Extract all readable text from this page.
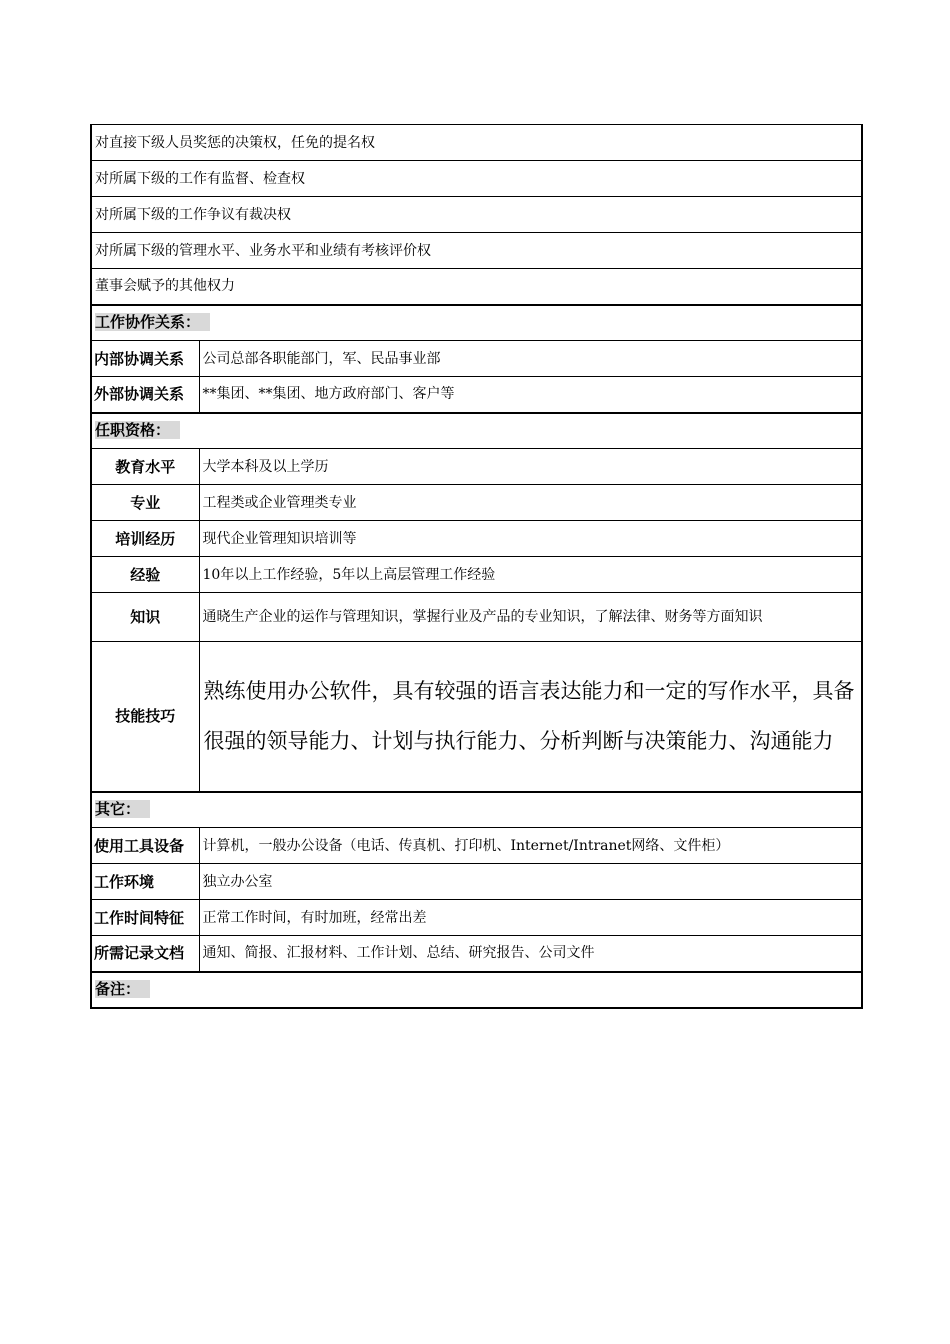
对直接下级人员奖惩的决策权，任免的提名权	
对所属下级的工作有监督、检查权	
对所属下级的工作争议有裁决权	
对所属下级的管理水平、业务水平和业绩有考核评价权	
董事会赋予的其他权力	
工作协作关系：	
内部协调关系	公司总部各职能部门，军、民品事业部
外部协调关系	**集团、**集团、地方政府部门、客户等
任职资格：	
教育水平	大学本科及以上学历
专业	工程类或企业管理类专业
培训经历	现代企业管理知识培训等
经验	10年以上工作经验，5年以上高层管理工作经验
知识	通晓生产企业的运作与管理知识，掌握行业及产品的专业知识，了解法律、财务等方面知识
技能技巧	熟练使用办公软件，具有较强的语言表达能力和一定的写作水平，具备很强的领导能力、计划与执行能力、分析判断与决策能力、沟通能力
其它：	
使用工具设备	计算机，一般办公设备（电话、传真机、打印机、Internet/Intranet网络、文件柜）
工作环境	独立办公室
工作时间特征	正常工作时间，有时加班，经常出差
所需记录文档	通知、简报、汇报材料、工作计划、总结、研究报告、公司文件
备注：	
